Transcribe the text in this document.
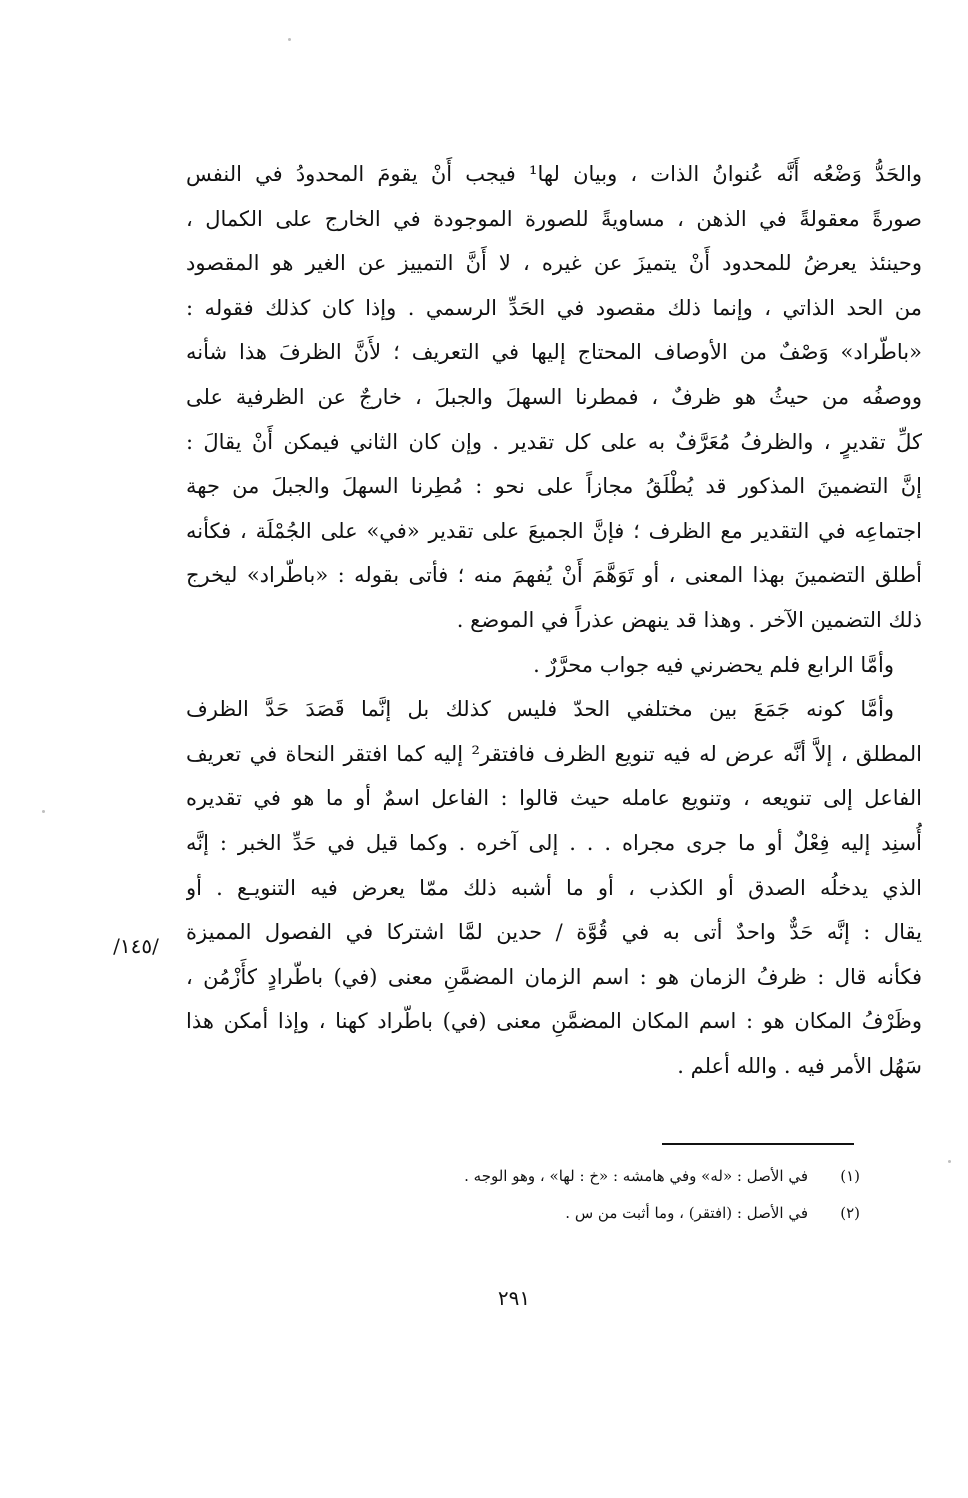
والحَدُّ وَضْعُه أَنَّه عُنوانُ الذات ، وبيان لها¹ فيجب أَنْ يقومَ المحدودُ في النفس
صورةً معقولةً في الذهن ، مساويةً للصورة الموجودة في الخارج على الكمال ،
وحينئذ يعرضُ للمحدود أَنْ يتميزَ عن غيره ، لا أَنَّ التمييز عن الغير هو المقصود
من الحد الذاتي ، وإنما ذلك مقصود في الحَدِّ الرسمي . وإذا كان كذلك فقوله :
«باطّراد» وَصْفٌ من الأوصاف المحتاج إليها في التعريف ؛ لأَنَّ الظرفَ هذا شأنه
ووصفُه من حيثُ هو ظرفٌ ، فمطرنا السهلَ والجبلَ ، خارجٌ عن الظرفية على
كلِّ تقديرٍ ، والظرفُ مُعَرَّفٌ به على كل تقدير . وإن كان الثاني فيمكن أَنْ يقالَ :
إنَّ التضمينَ المذكور قد يُطْلَقُ مجازاً على نحو : مُطِرنا السهلَ والجبلَ من جهة
اجتماعِه في التقدير مع الظرف ؛ فإنَّ الجميعَ على تقدير «في» على الجُمْلَة ، فكأنه
أطلق التضمينَ بهذا المعنى ، أو تَوَهَّمَ أَنْ يُفهمَ منه ؛ فأتى بقوله : «باطّراد» ليخرج
ذلك التضمين الآخر . وهذا قد ينهض عذراً في الموضع .
وأمَّا الرابع فلم يحضرني فيه جواب محرَّرٌ .
وأمَّا كونه جَمَعَ بين مختلفي الحدّ فليس كذلك بل إنَّما قَصَدَ حَدَّ الظرف
المطلق ، إلاَّ أنَّه عرض له فيه تنويع الظرف فافتقر² إليه كما افتقر النحاة في تعريف
الفاعل إلى تنويعه ، وتنويع عامله حيث قالوا : الفاعل اسمٌ أو ما هو في تقديره
أُسنِد إليه فِعْلٌ أو ما جرى مجراه . . . إلى آخره . وكما قيل في حَدِّ الخبر : إنَّه
الذي يدخلُه الصدق أو الكذب ، أو ما أشبه ذلك ممّا يعرض فيه التنويـع . أو
يقال : إنَّه حَدٌّ واحدٌ أتى به في قُوَّة / حدين لمَّا اشتركا في الفصول المميزة
فكأنه قال : ظرفُ الزمان هو : اسم الزمان المضمَّنِ معنى (في) باطّرادٍ كأَزْمُن ،
وظَرْفُ المكان هو : اسم المكان المضمَّنِ معنى (في) باطّراد كهنا ، وإذا أمكن هذا
سَهُل الأمر فيه . والله أعلم .
/١٤٥/
(١)
في الأصل : «له» وفي هامشه : «خ : لها» ، وهو الوجه .
(٢)
في الأصل : (افتقر) ، وما أثبت من س .
٢٩١
